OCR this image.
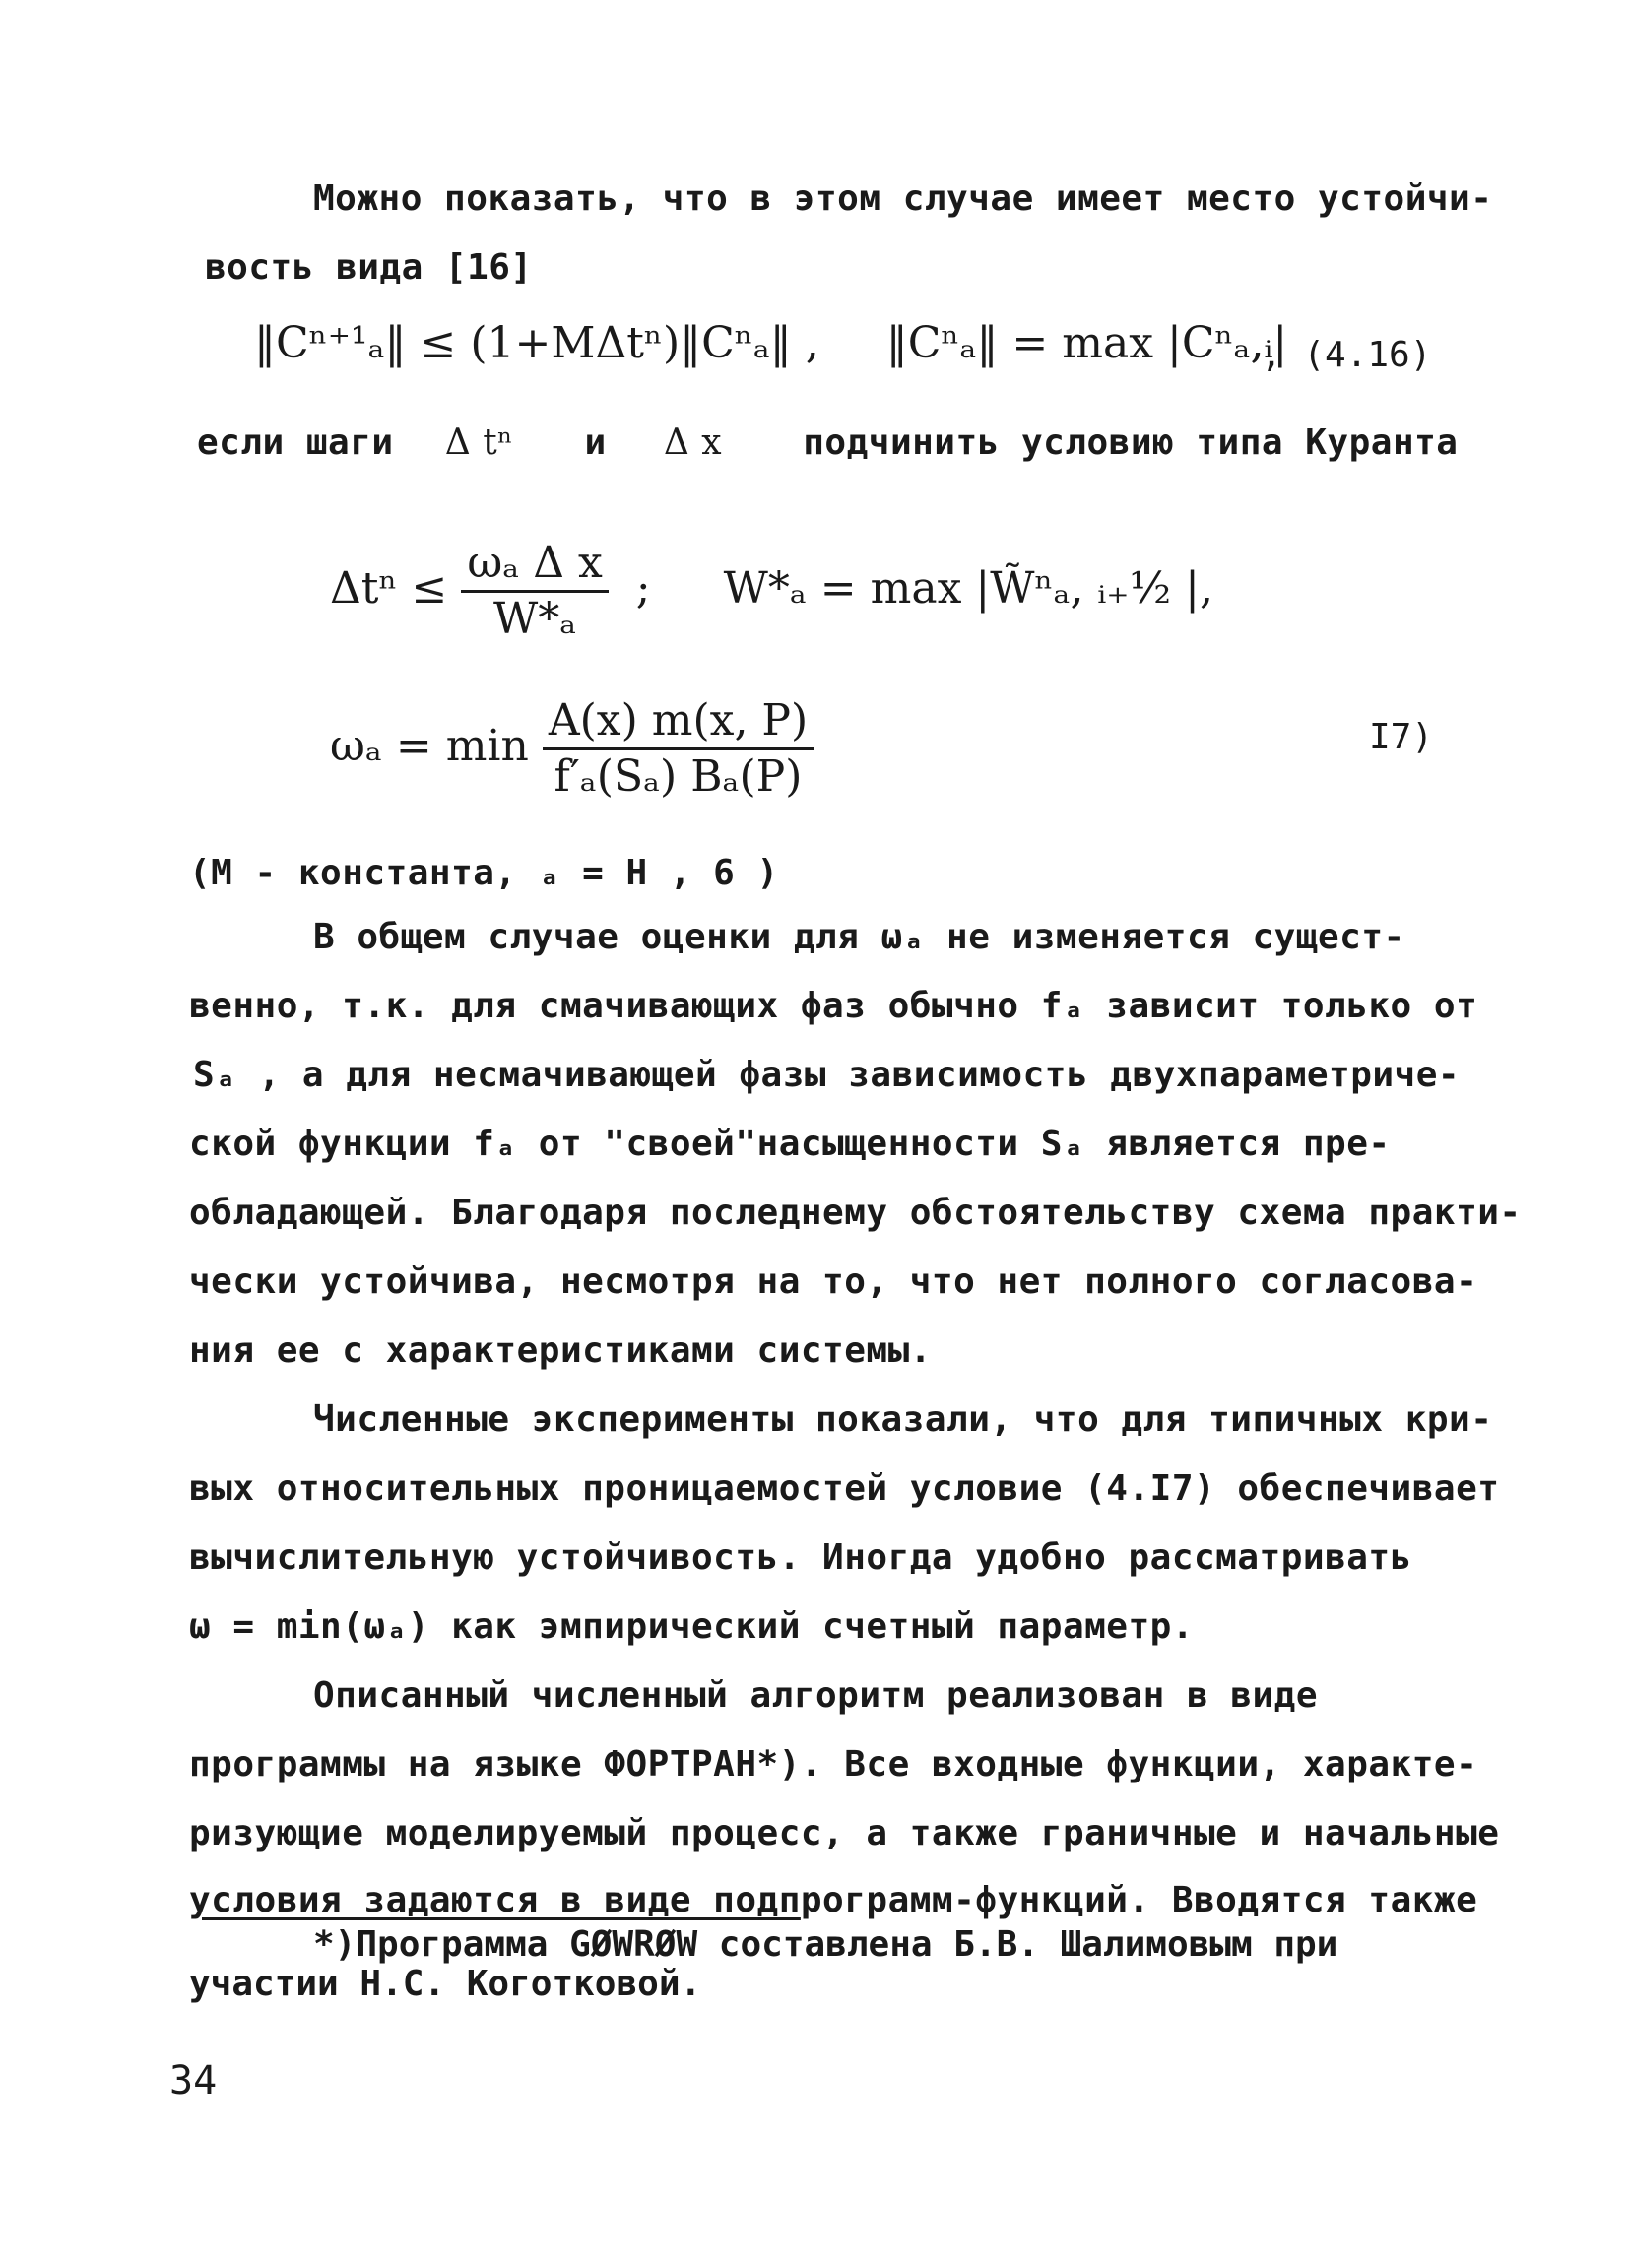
Можно показать, что в этом случае имеет место устойчи-
вость вида [16]
‖Cⁿ⁺¹ₐ‖ ≤ (1+MΔtⁿ)‖Cⁿₐ‖ , ‖Cⁿₐ‖ = max |Cⁿₐ,ᵢ|
, (4.16)
если шаги Δ tⁿ и Δ x подчинить условию типа Куранта
$\Delta t^n \le \frac{\text{ωₐ Δ x}}{\text{W*ₐ}}$ ; W*ₐ = max |W̃ⁿₐ, ᵢ₊½ |,
$\omega_a = \min \frac{A(x) m(x, P)}{\text{f′ₐ(Sₐ) Bₐ(P)}}$	I7)
(M - константа, ₐ = H , 6 )
В общем случае оценки для ωₐ не изменяется сущест-
венно, т.к. для смачивающих фаз обычно fₐ зависит только от
Sₐ , а для несмачивающей фазы зависимость двухпараметриче-
ской функции fₐ от "своей"насыщенности Sₐ является пре-
обладающей. Благодаря последнему обстоятельству схема практи-
чески устойчива, несмотря на то, что нет полного согласова-
ния ее с характеристиками системы.
Численные эксперименты показали, что для типичных кри-
вых относительных проницаемостей условие (4.I7) обеспечивает
вычислительную устойчивость. Иногда удобно рассматривать
ω = min(ωₐ) как эмпирический счетный параметр.
Описанный численный алгоритм реализован в виде
программы на языке ФОРТРАН*). Все входные функции, характе-
ризующие моделируемый процесс, а также граничные и начальные
условия задаются в виде подпрограмм-функций. Вводятся также
*)Программа GØWRØW составлена Б.В. Шалимовым при
участии Н.С. Коготковой.
34
